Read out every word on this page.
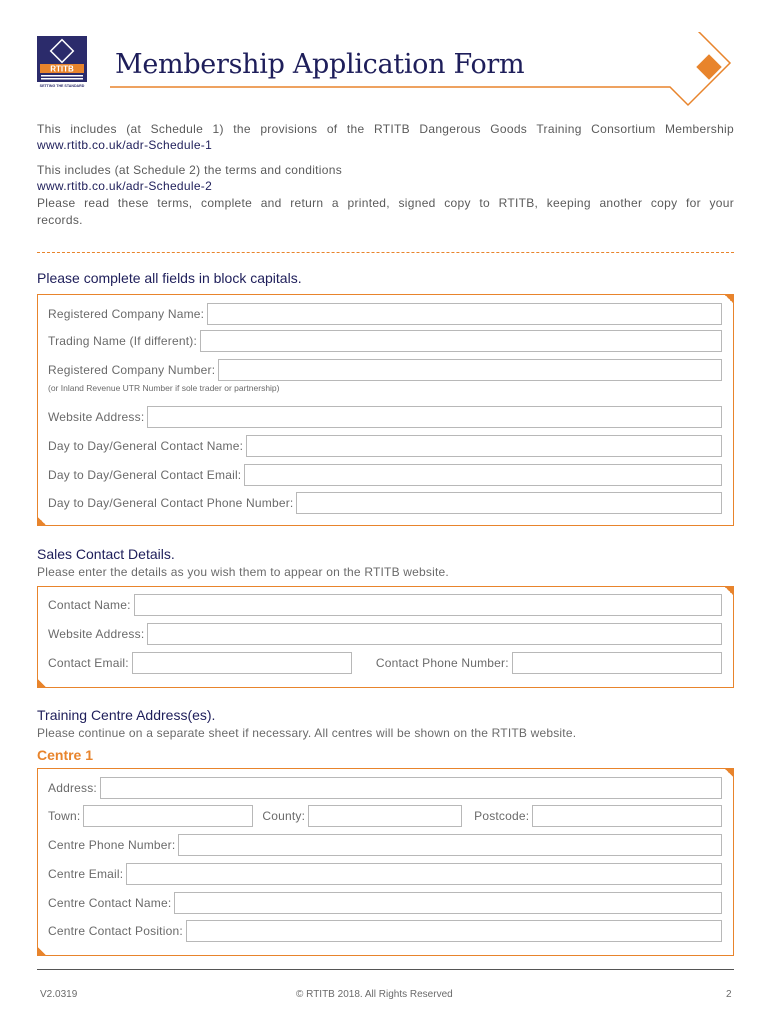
RTITB
SETTING THE STANDARD
Membership Application Form
This includes (at Schedule 1) the provisions of the RTITB Dangerous Goods Training Consortium Membership
www.rtitb.co.uk/adr-Schedule-1
This includes (at Schedule 2) the terms and conditions
www.rtitb.co.uk/adr-Schedule-2
Please read these terms, complete and return a printed, signed copy to RTITB, keeping another copy for your
records.
Please complete all fields in block capitals.
Registered Company Name:
Trading Name (If different):
Registered Company Number:
(or Inland Revenue UTR Number if sole trader or partnership)
Website Address:
Day to Day/General Contact Name:
Day to Day/General Contact Email:
Day to Day/General Contact Phone Number:
Sales Contact Details.
Please enter the details as you wish them to appear on the RTITB website.
Contact Name:
Website Address:
Contact Email:	Contact Phone Number:
Training Centre Address(es).
Please continue on a separate sheet if necessary. All centres will be shown on the RTITB website.
Centre 1
Address:
Town:	County:	Postcode:
Centre Phone Number:
Centre Email:
Centre Contact Name:
Centre Contact Position:
V2.0319	© RTITB 2018. All Rights Reserved	2
